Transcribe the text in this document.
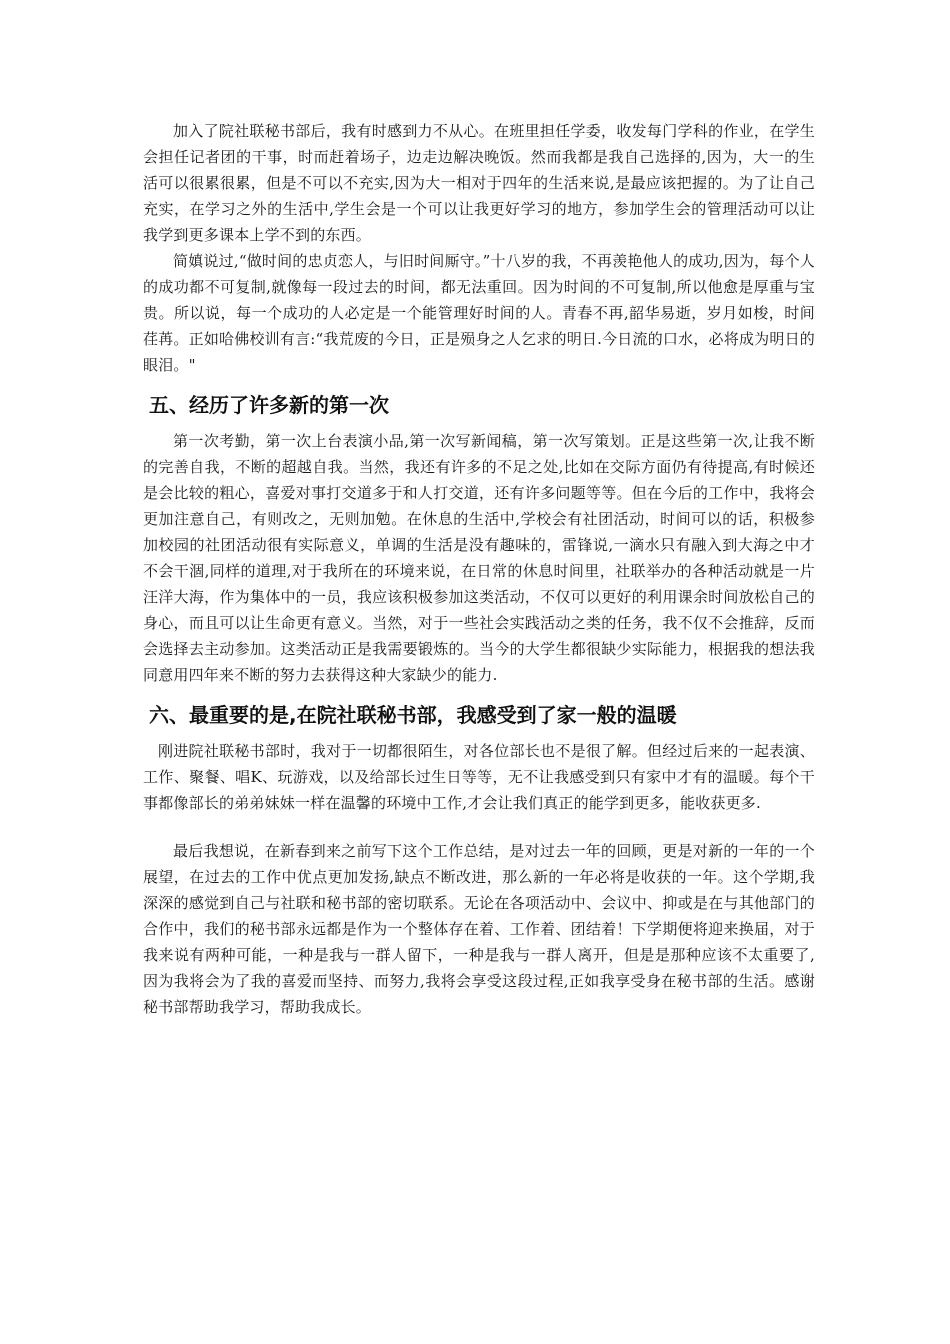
加入了院社联秘书部后，我有时感到力不从心。在班里担任学委，收发每门学科的作业，在学生会担任记者团的干事，时而赶着场子，边走边解决晚饭。然而我都是我自己选择的,因为，大一的生活可以很累很累，但是不可以不充实,因为大一相对于四年的生活来说,是最应该把握的。为了让自己充实，在学习之外的生活中,学生会是一个可以让我更好学习的地方，参加学生会的管理活动可以让我学到更多课本上学不到的东西。

简嫃说过,“做时间的忠贞恋人，与旧时间厮守。”十八岁的我，不再羡艳他人的成功,因为，每个人的成功都不可复制,就像每一段过去的时间，都无法重回。因为时间的不可复制,所以他愈是厚重与宝贵。所以说，每一个成功的人必定是一个能管理好时间的人。青春不再,韶华易逝，岁月如梭，时间荏苒。正如哈佛校训有言:“我荒废的今日，正是殒身之人乞求的明日.今日流的口水，必将成为明日的眼泪。"

五、经历了许多新的第一次

第一次考勤，第一次上台表演小品,第一次写新闻稿，第一次写策划。正是这些第一次,让我不断的完善自我，不断的超越自我。当然，我还有许多的不足之处,比如在交际方面仍有待提高,有时候还是会比较的粗心，喜爱对事打交道多于和人打交道，还有许多问题等等。但在今后的工作中，我将会更加注意自己，有则改之，无则加勉。在休息的生活中,学校会有社团活动，时间可以的话，积极参加校园的社团活动很有实际意义，单调的生活是没有趣味的，雷锋说,一滴水只有融入到大海之中才不会干涸,同样的道理,对于我所在的环境来说，在日常的休息时间里，社联举办的各种活动就是一片汪洋大海，作为集体中的一员，我应该积极参加这类活动，不仅可以更好的利用课余时间放松自己的身心，而且可以让生命更有意义。当然，对于一些社会实践活动之类的任务，我不仅不会推辞，反而会选择去主动参加。这类活动正是我需要锻炼的。当今的大学生都很缺少实际能力，根据我的想法我同意用四年来不断的努力去获得这种大家缺少的能力.

六、最重要的是,在院社联秘书部，我感受到了家一般的温暖

刚进院社联秘书部时，我对于一切都很陌生，对各位部长也不是很了解。但经过后来的一起表演、工作、聚餐、唱K、玩游戏，以及给部长过生日等等，无不让我感受到只有家中才有的温暖。每个干事都像部长的弟弟妹妹一样在温馨的环境中工作,才会让我们真正的能学到更多，能收获更多.

最后我想说，在新春到来之前写下这个工作总结，是对过去一年的回顾，更是对新的一年的一个展望，在过去的工作中优点更加发扬,缺点不断改进，那么新的一年必将是收获的一年。这个学期,我深深的感觉到自己与社联和秘书部的密切联系。无论在各项活动中、会议中、抑或是在与其他部门的合作中，我们的秘书部永远都是作为一个整体存在着、工作着、团结着！下学期便将迎来换届，对于我来说有两种可能，一种是我与一群人留下，一种是我与一群人离开，但是是那种应该不太重要了,因为我将会为了我的喜爱而坚持、而努力,我将会享受这段过程,正如我享受身在秘书部的生活。感谢秘书部帮助我学习，帮助我成长。
